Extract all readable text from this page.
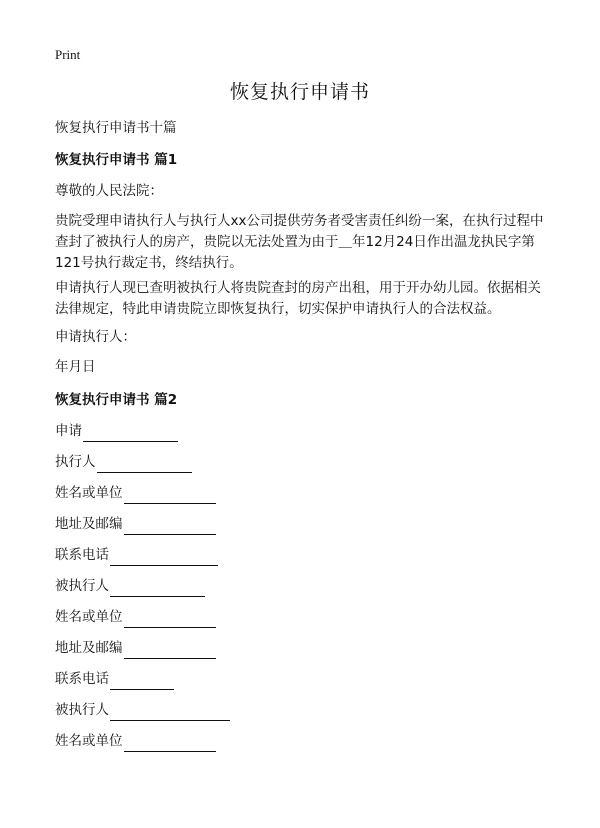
Print
恢复执行申请书
恢复执行申请书十篇
恢复执行申请书 篇1
尊敬的人民法院：
贵院受理申请执行人与执行人xx公司提供劳务者受害责任纠纷一案，在执行过程中查封了被执行人的房产，贵院以无法处置为由于＿年12月24日作出温龙执民字第121号执行裁定书，终结执行。
申请执行人现已查明被执行人将贵院查封的房产出租，用于开办幼儿园。依据相关法律规定，特此申请贵院立即恢复执行，切实保护申请执行人的合法权益。
申请执行人：
年月日
恢复执行申请书 篇2
申请
执行人
姓名或单位
地址及邮编
联系电话
被执行人
姓名或单位
地址及邮编
联系电话
被执行人
姓名或单位
